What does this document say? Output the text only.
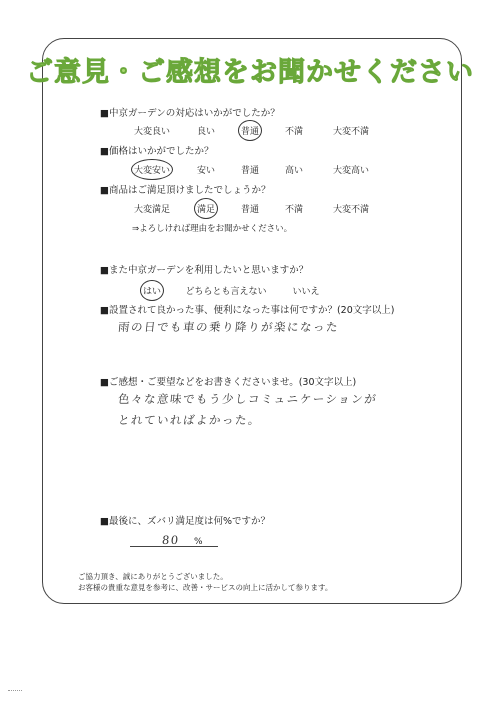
ご意見・ご感想をお聞かせください
■中京ガーデンの対応はいかがでしたか？
大変良い	良い	普通	不満	大変不満
■価格はいかがでしたか？
大変安い	安い	普通	高い	大変高い
■商品はご満足頂けましたでしょうか？
大変満足	満足	普通	不満	大変不満
⇒よろしければ理由をお聞かせください。
■また中京ガーデンを利用したいと思いますか？
はい	どちらとも言えない	いいえ
■設置されて良かった事、便利になった事は何ですか？(20文字以上)
雨の日でも車の乗り降りが楽になった
■ご感想・ご要望などをお書きくださいませ。(30文字以上)
色々な意味でもう少しコミュニケーションが
とれていればよかった。
■最後に、ズバリ満足度は何%ですか？
80 %
ご協力頂き、誠にありがとうございました。
お客様の貴重な意見を参考に、改善・サービスの向上に活かして参ります。
